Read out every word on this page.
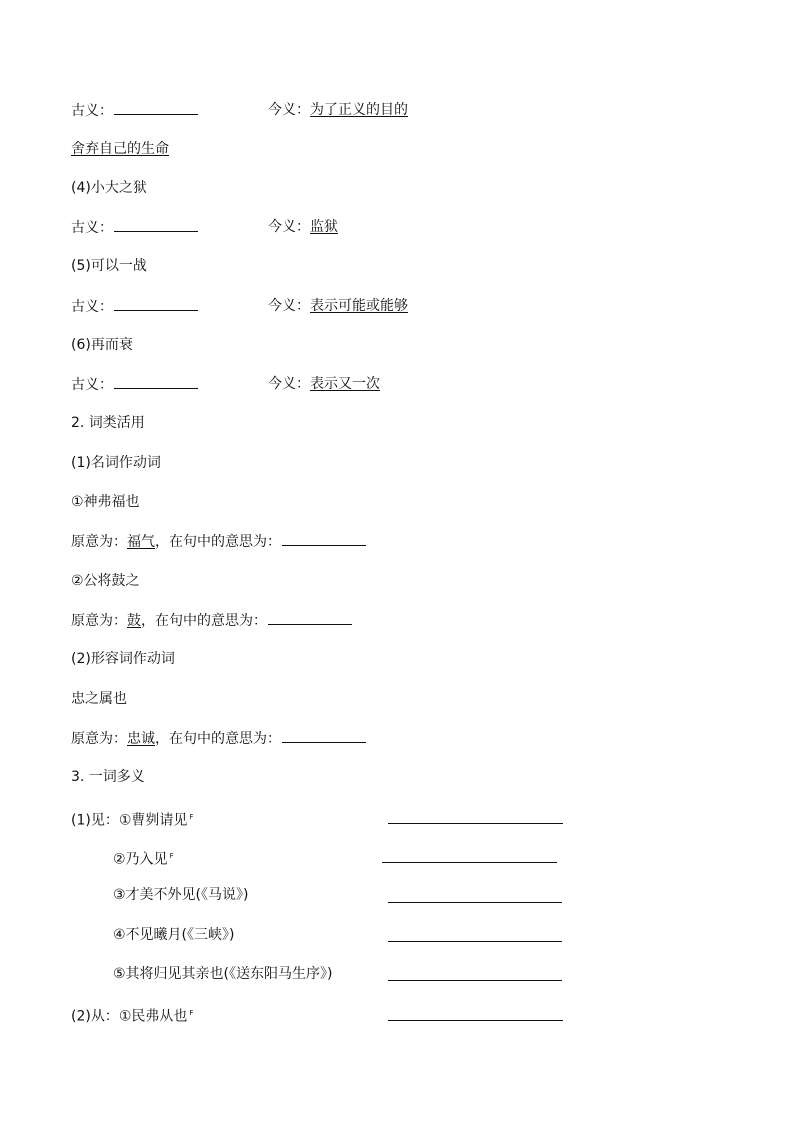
古义：	今义：为了正义的目的
舍弃自己的生命
(4)小大之狱
古义：	今义：监狱
(5)可以一战
古义：	今义：表示可能或能够
(6)再而衰
古义：	今义：表示又一次
2. 词类活用
(1)名词作动词
①神弗福也
原意为：福气，在句中的意思为：
②公将鼓之
原意为：鼓，在句中的意思为：
(2)形容词作动词
忠之属也
原意为：忠诚，在句中的意思为：
3. 一词多义
(1)见：①曹刿请见 $^F$
②乃入见 $^F$
③才美不外见(《马说》)
④不见曦月(《三峡》)
⑤其将归见其亲也(《送东阳马生序》)
(2)从：①民弗从也 $^F$
